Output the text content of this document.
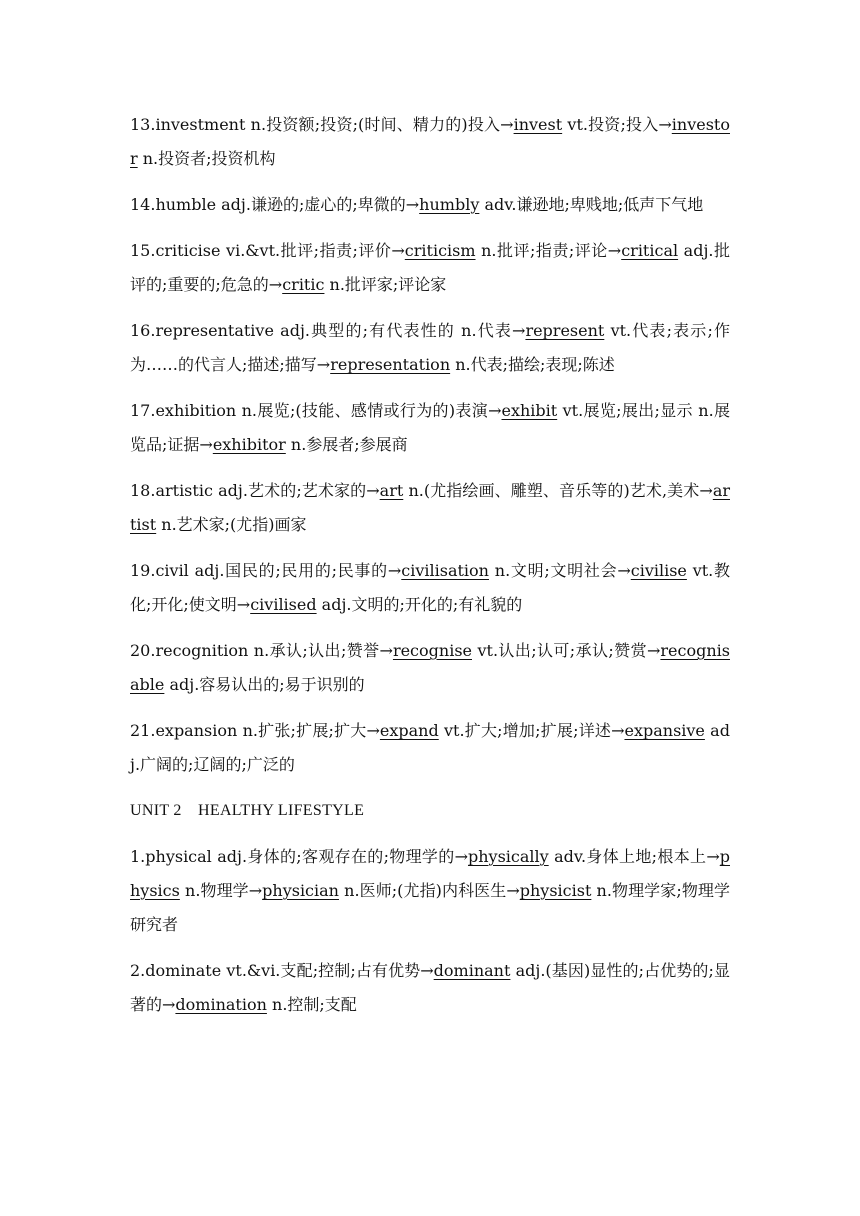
13.investment n.投资额;投资;(时间、精力的)投入→invest vt.投资;投入→investor n.投资者;投资机构

14.humble adj.谦逊的;虚心的;卑微的→humbly adv.谦逊地;卑贱地;低声下气地

15.criticise vi.&vt.批评;指责;评价→criticism n.批评;指责;评论→critical adj.批评的;重要的;危急的→critic n.批评家;评论家

16.representative adj.典型的;有代表性的 n.代表→represent vt.代表;表示;作为……的代言人;描述;描写→representation n.代表;描绘;表现;陈述

17.exhibition n.展览;(技能、感情或行为的)表演→exhibit vt.展览;展出;显示 n.展览品;证据→exhibitor n.参展者;参展商

18.artistic adj.艺术的;艺术家的→art n.(尤指绘画、雕塑、音乐等的)艺术,美术→artist n.艺术家;(尤指)画家

19.civil adj.国民的;民用的;民事的→civilisation n.文明;文明社会→civilise vt.教化;开化;使文明→civilised adj.文明的;开化的;有礼貌的

20.recognition n.承认;认出;赞誉→recognise vt.认出;认可;承认;赞赏→recognisable adj.容易认出的;易于识别的

21.expansion n.扩张;扩展;扩大→expand vt.扩大;增加;扩展;详述→expansive adj.广阔的;辽阔的;广泛的

UNIT 2　HEALTHY LIFESTYLE

1.physical adj.身体的;客观存在的;物理学的→physically adv.身体上地;根本上→physics n.物理学→physician n.医师;(尤指)内科医生→physicist n.物理学家;物理学研究者

2.dominate vt.&vi.支配;控制;占有优势→dominant adj.(基因)显性的;占优势的;显著的→domination n.控制;支配
